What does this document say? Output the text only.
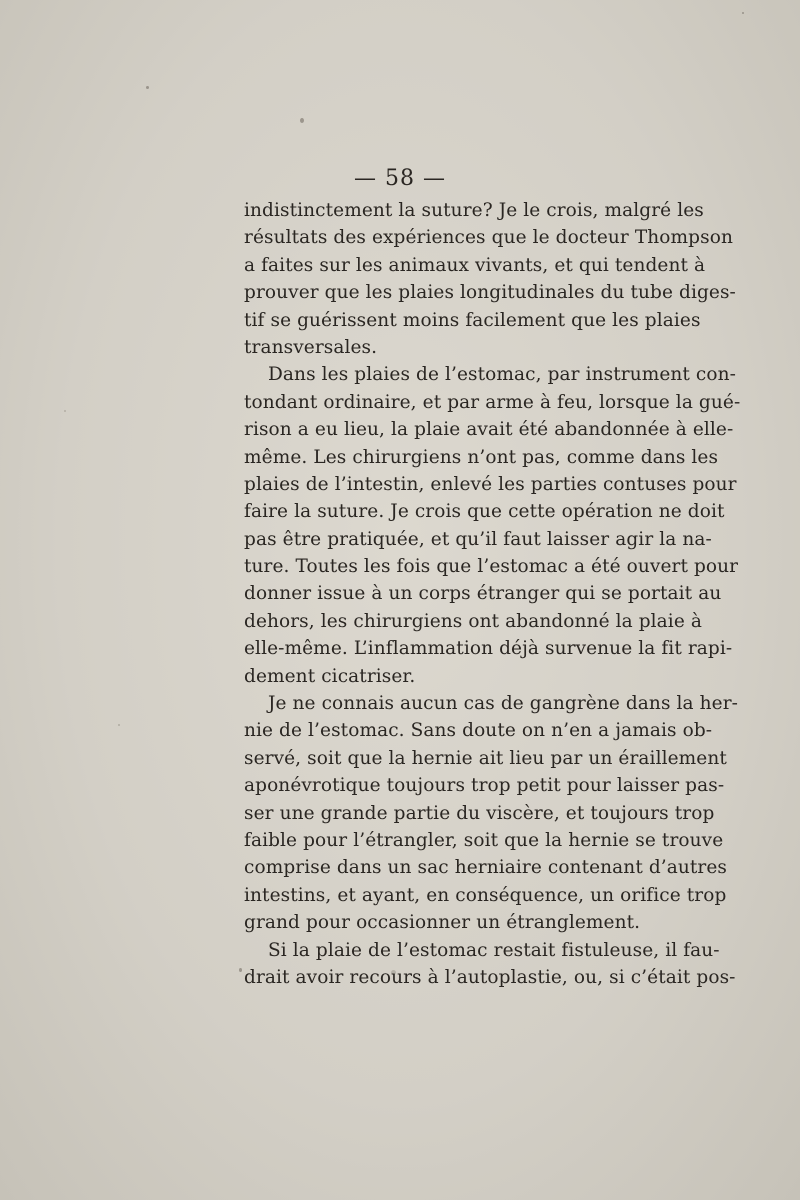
— 58 —
indistinctement la suture? Je le crois, malgré les
résultats des expériences que le docteur Thompson
a faites sur les animaux vivants, et qui tendent à
prouver que les plaies longitudinales du tube diges-
tif se guérissent moins facilement que les plaies
transversales.
Dans les plaies de l’estomac, par instrument con-
tondant ordinaire, et par arme à feu, lorsque la gué-
rison a eu lieu, la plaie avait été abandonnée à elle-
même. Les chirurgiens n’ont pas, comme dans les
plaies de l’intestin, enlevé les parties contuses pour
faire la suture. Je crois que cette opération ne doit
pas être pratiquée, et qu’il faut laisser agir la na-
ture. Toutes les fois que l’estomac a été ouvert pour
donner issue à un corps étranger qui se portait au
dehors, les chirurgiens ont abandonné la plaie à
elle-même. L’inflammation déjà survenue la fit rapi-
dement cicatriser.
Je ne connais aucun cas de gangrène dans la her-
nie de l’estomac. Sans doute on n’en a jamais ob-
servé, soit que la hernie ait lieu par un éraillement
aponévrotique toujours trop petit pour laisser pas-
ser une grande partie du viscère, et toujours trop
faible pour l’étrangler, soit que la hernie se trouve
comprise dans un sac herniaire contenant d’autres
intestins, et ayant, en conséquence, un orifice trop
grand pour occasionner un étranglement.
Si la plaie de l’estomac restait fistuleuse, il fau-
drait avoir recours à l’autoplastie, ou, si c’était pos-
